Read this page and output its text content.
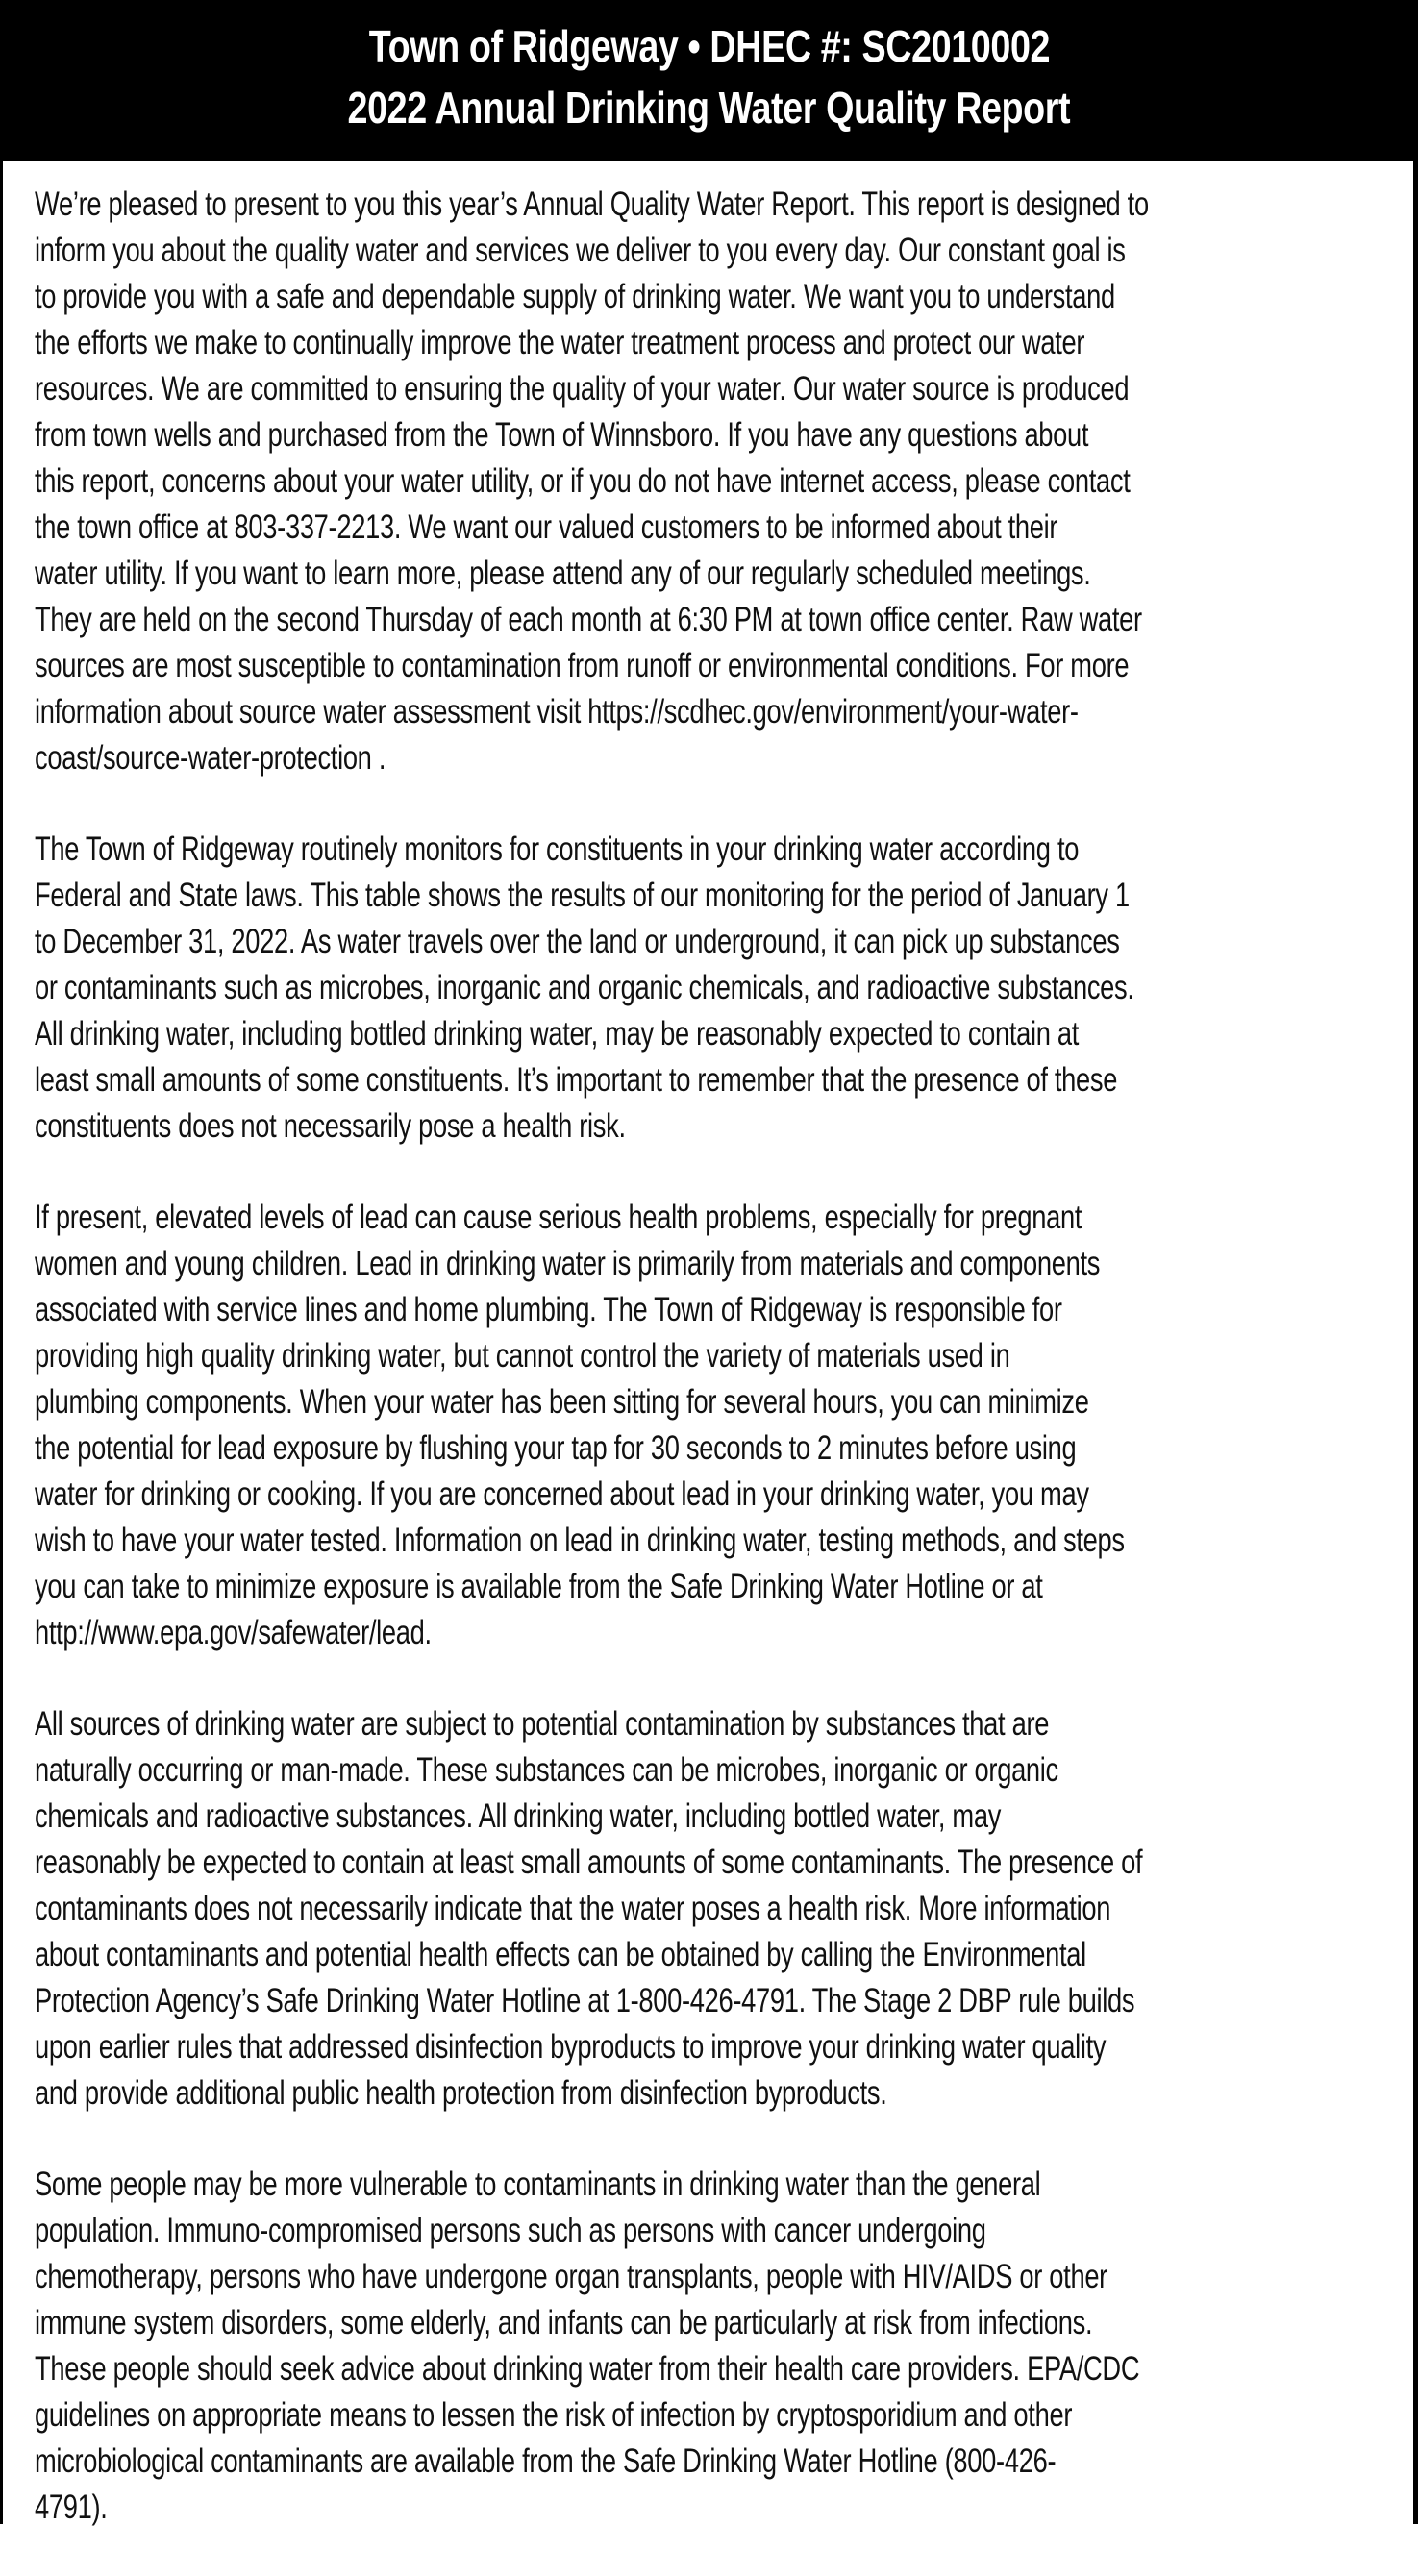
Town of Ridgeway • DHEC #: SC2010002
2022 Annual Drinking Water Quality Report
We’re pleased to present to you this year’s Annual Quality Water Report. This report is designed to
inform you about the quality water and services we deliver to you every day. Our constant goal is
to provide you with a safe and dependable supply of drinking water. We want you to understand
the efforts we make to continually improve the water treatment process and protect our water
resources. We are committed to ensuring the quality of your water. Our water source is produced
from town wells and purchased from the Town of Winnsboro. If you have any questions about
this report, concerns about your water utility, or if you do not have internet access, please contact
the town office at 803-337-2213. We want our valued customers to be informed about their
water utility. If you want to learn more, please attend any of our regularly scheduled meetings.
They are held on the second Thursday of each month at 6:30 PM at town office center. Raw water
sources are most susceptible to contamination from runoff or environmental conditions. For more
information about source water assessment visit https://scdhec.gov/environment/your-water-
coast/source-water-protection .
The Town of Ridgeway routinely monitors for constituents in your drinking water according to
Federal and State laws. This table shows the results of our monitoring for the period of January 1
to December 31, 2022. As water travels over the land or underground, it can pick up substances
or contaminants such as microbes, inorganic and organic chemicals, and radioactive substances.
All drinking water, including bottled drinking water, may be reasonably expected to contain at
least small amounts of some constituents. It’s important to remember that the presence of these
constituents does not necessarily pose a health risk.
If present, elevated levels of lead can cause serious health problems, especially for pregnant
women and young children. Lead in drinking water is primarily from materials and components
associated with service lines and home plumbing. The Town of Ridgeway is responsible for
providing high quality drinking water, but cannot control the variety of materials used in
plumbing components. When your water has been sitting for several hours, you can minimize
the potential for lead exposure by flushing your tap for 30 seconds to 2 minutes before using
water for drinking or cooking. If you are concerned about lead in your drinking water, you may
wish to have your water tested. Information on lead in drinking water, testing methods, and steps
you can take to minimize exposure is available from the Safe Drinking Water Hotline or at
http://www.epa.gov/safewater/lead.
All sources of drinking water are subject to potential contamination by substances that are
naturally occurring or man-made. These substances can be microbes, inorganic or organic
chemicals and radioactive substances. All drinking water, including bottled water, may
reasonably be expected to contain at least small amounts of some contaminants. The presence of
contaminants does not necessarily indicate that the water poses a health risk. More information
about contaminants and potential health effects can be obtained by calling the Environmental
Protection Agency’s Safe Drinking Water Hotline at 1-800-426-4791. The Stage 2 DBP rule builds
upon earlier rules that addressed disinfection byproducts to improve your drinking water quality
and provide additional public health protection from disinfection byproducts.
Some people may be more vulnerable to contaminants in drinking water than the general
population. Immuno-compromised persons such as persons with cancer undergoing
chemotherapy, persons who have undergone organ transplants, people with HIV/AIDS or other
immune system disorders, some elderly, and infants can be particularly at risk from infections.
These people should seek advice about drinking water from their health care providers. EPA/CDC
guidelines on appropriate means to lessen the risk of infection by cryptosporidium and other
microbiological contaminants are available from the Safe Drinking Water Hotline (800-426-
4791).
